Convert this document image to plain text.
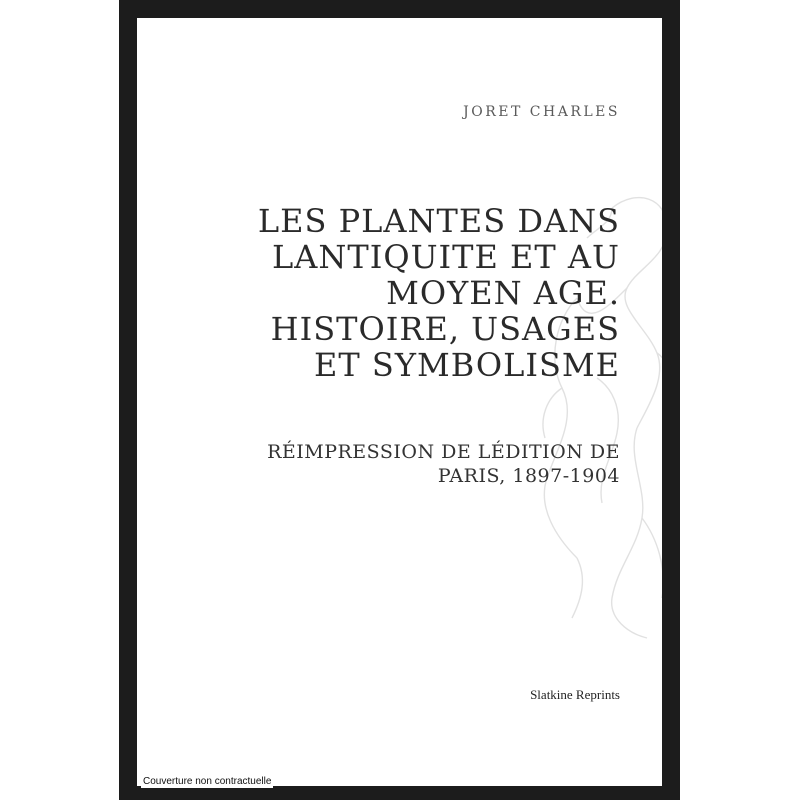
JORET CHARLES
LES PLANTES DANS
LANTIQUITE ET AU
MOYEN AGE.
HISTOIRE, USAGES
ET SYMBOLISME
RÉIMPRESSION DE LÉDITION DE
PARIS, 1897-1904
Slatkine Reprints
Couverture non contractuelle
